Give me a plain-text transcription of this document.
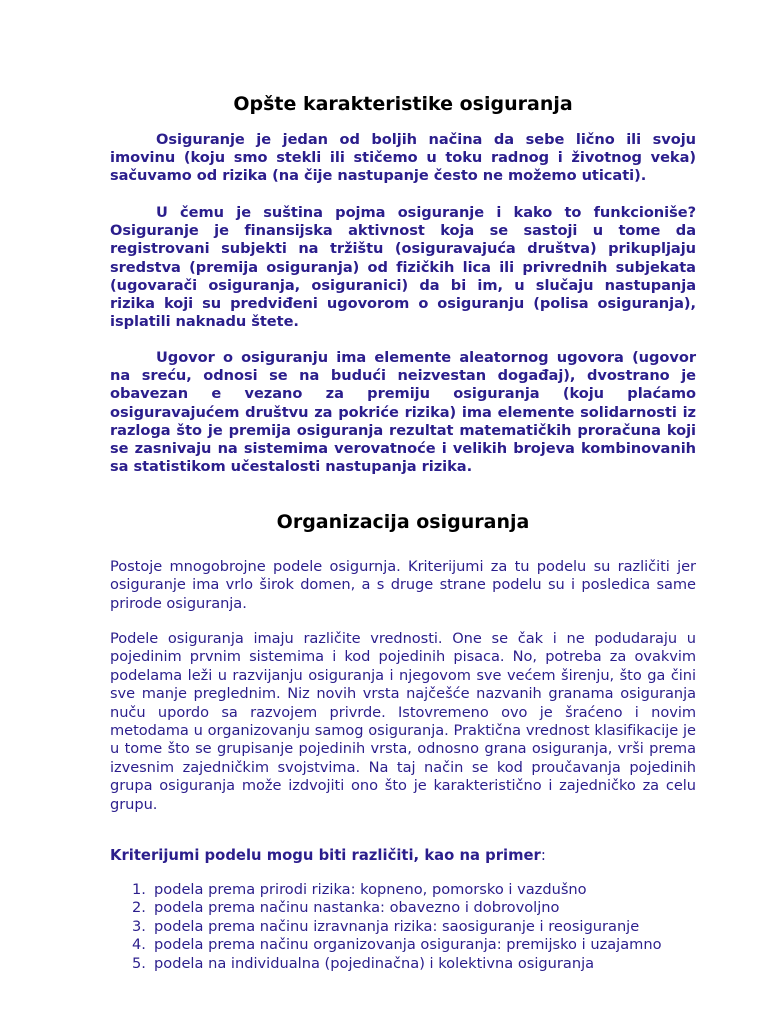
Opšte karakteristike osiguranja

Osiguranje je jedan od boljih načina da sebe lično ili svoju imovinu (koju smo stekli ili stičemo u toku radnog i životnog veka) sačuvamo od rizika (na čije nastupanje često ne možemo uticati).

U čemu je suština pojma osiguranje i kako to funkcioniše? Osiguranje je finansijska aktivnost koja se sastoji u tome da registrovani subjekti na tržištu (osiguravajuća društva) prikupljaju sredstva (premija osiguranja) od fizičkih lica ili privrednih subjekata (ugovarači osiguranja, osiguranici) da bi im, u slučaju nastupanja rizika koji su predviđeni ugovorom o osiguranju (polisa osiguranja), isplatili naknadu štete.

Ugovor o osiguranju ima elemente aleatornog ugovora (ugovor na sreću, odnosi se na budući neizvestan događaj), dvostrano je obavezan e vezano za premiju osiguranja (koju plaćamo osiguravajućem društvu za pokriće rizika) ima elemente solidarnosti iz razloga što je premija osiguranja rezultat matematičkih proračuna koji se zasnivaju na sistemima verovatnoće i velikih brojeva kombinovanih sa statistikom učestalosti nastupanja rizika.

Organizacija osiguranja

Postoje mnogobrojne podele osigurnja. Kriterijumi za tu podelu su različiti jer osiguranje ima vrlo širok domen, a s druge strane podelu su i posledica same prirode osiguranja.

Podele osiguranja imaju različite vrednosti. One se čak i ne podudaraju u pojedinim prvnim sistemima i kod pojedinih pisaca. No, potreba za ovakvim podelama leži u razvijanju osiguranja i njegovom sve većem širenju, što ga čini sve manje preglednim. Niz novih vrsta najčešće nazvanih granama osiguranja nuču upordo sa razvojem privrde. Istovremeno ovo je šraćeno i novim metodama u organizovanju samog osiguranja. Praktična vrednost klasifikacije je u tome što se grupisanje pojedinih vrsta, odnosno grana osiguranja, vrši prema izvesnim zajedničkim svojstvima. Na taj način se kod proučavanja pojedinih grupa osiguranja može izdvojiti ono što je karakteristično i zajedničko za celu grupu.

Kriterijumi podelu mogu biti različiti, kao na primer:

1. podela prema prirodi rizika: kopneno, pomorsko i vazdušno
2. podela prema načinu nastanka: obavezno i dobrovoljno
3. podela prema načinu izravnanja rizika: saosiguranje i reosiguranje
4. podela prema načinu organizovanja osiguranja: premijsko i uzajamno
5. podela na individualna (pojedinačna) i kolektivna osiguranja
